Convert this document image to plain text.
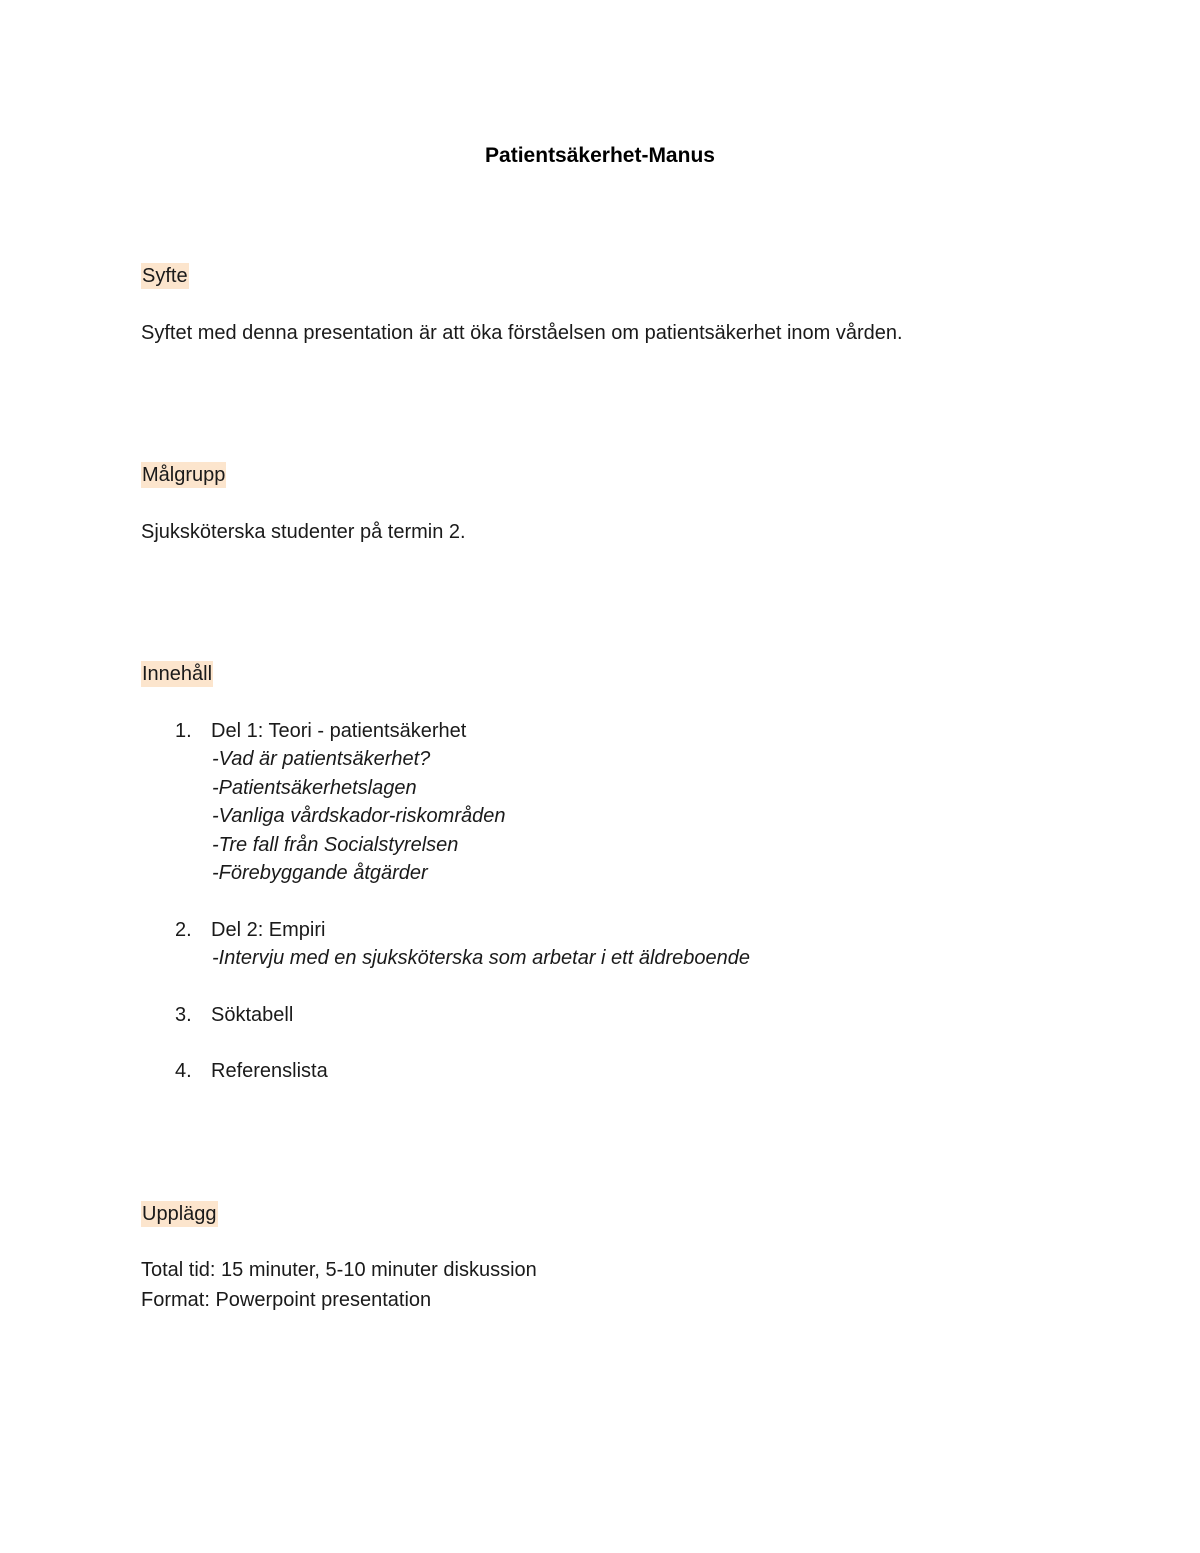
Patientsäkerhet-Manus
Syfte
Syftet med denna presentation är att öka förståelsen om patientsäkerhet inom vården.
Målgrupp
Sjuksköterska studenter på termin 2.
Innehåll
1. Del 1: Teori - patientsäkerhet
-Vad är patientsäkerhet?
-Patientsäkerhetslagen
-Vanliga vårdskador-riskområden
-Tre fall från Socialstyrelsen
-Förebyggande åtgärder
2. Del 2: Empiri
-Intervju med en sjuksköterska som arbetar i ett äldreboende
3. Söktabell
4. Referenslista
Upplägg
Total tid: 15 minuter, 5-10 minuter diskussion
Format: Powerpoint presentation
